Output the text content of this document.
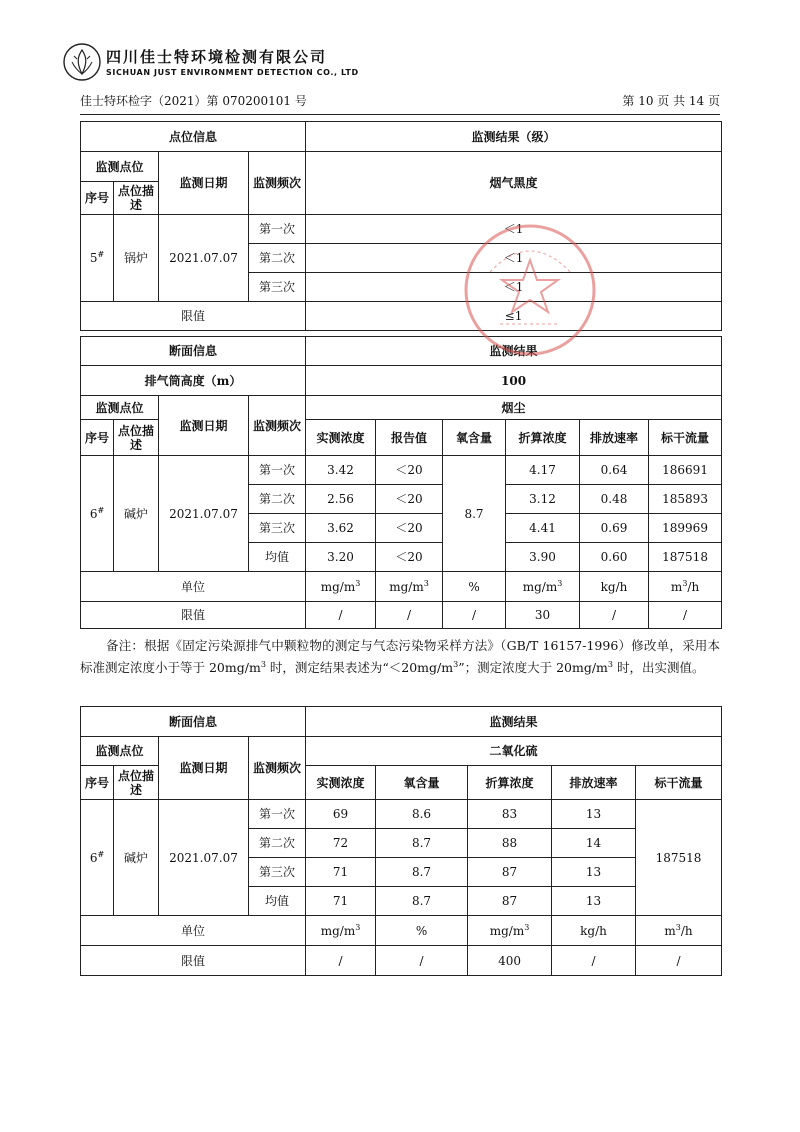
四川佳士特环境检测有限公司
SICHUAN JUST ENVIRONMENT DETECTION CO., LTD
佳士特环检字（2021）第 070200101 号	第 10 页 共 14 页
点位信息				监测结果（级）
监测点位		监测日期	监测频次	烟气黑度
序号	点位描述			
5#	锅炉	2021.07.07	第一次	＜1
			第二次	＜1
			第三次	＜1
限值				≤1
断面信息				监测结果					
排气筒高度（m）				100					
监测点位		监测日期	监测频次	烟尘					
序号	点位描述			实测浓度	报告值	氧含量	折算浓度	排放速率	标干流量
6#	碱炉	2021.07.07	第一次	3.42	＜20	8.7	4.17	0.64	186691
			第二次	2.56	＜20		3.12	0.48	185893
			第三次	3.62	＜20		4.41	0.69	189969
			均值	3.20	＜20		3.90	0.60	187518
单位				$mg/m^3$	$mg/m^3$	%	$mg/m^3$	kg/h	$m^3/h$
限值				/	/	/	30	/	/
备注：根据《固定污染源排气中颗粒物的测定与气态污染物采样方法》（GB/T 16157-1996）修改单，采用本标准测定浓度小于等于 $20mg/m^3$ 时，测定结果表述为“$<20mg/m^3$”；测定浓度大于 $20mg/m^3$ 时，出实测值。
断面信息				监测结果				
监测点位		监测日期	监测频次	二氧化硫				
序号	点位描述			实测浓度	氧含量	折算浓度	排放速率	标干流量
6#	碱炉	2021.07.07	第一次	69	8.6	83	13	187518
			第二次	72	8.7	88	14	
			第三次	71	8.7	87	13	
			均值	71	8.7	87	13	
单位				$mg/m^3$	%	$mg/m^3$	kg/h	$m^3/h$
限值				/	/	400	/	/
